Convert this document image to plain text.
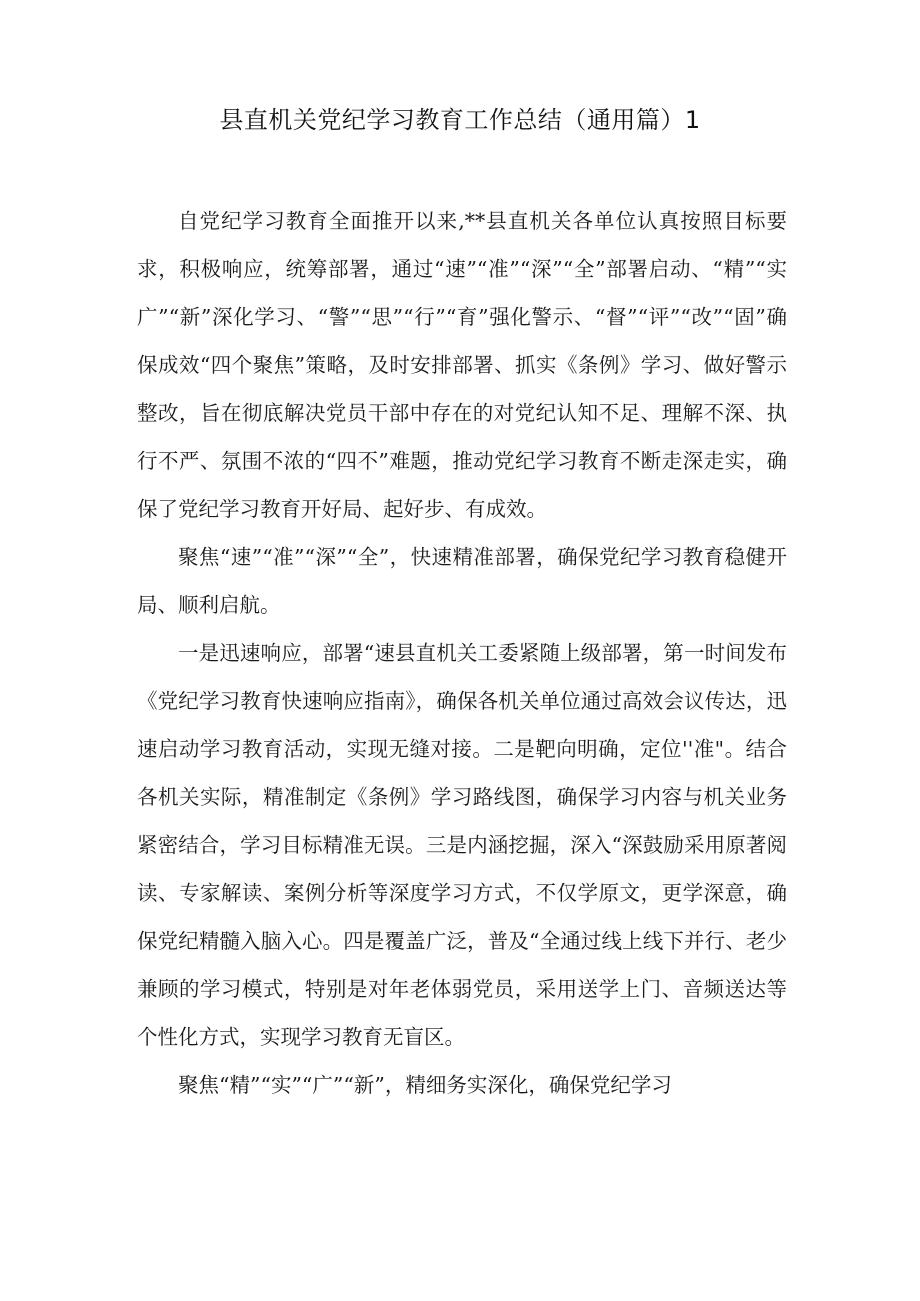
县直机关党纪学习教育工作总结（通用篇）1

自党纪学习教育全面推开以来,**县直机关各单位认真按照目标要求，积极响应，统筹部署，通过“速”“准”“深”“全”部署启动、“精”“实广”“新”深化学习、“警”“思”“行”“育”强化警示、“督”“评”“改”“固”确保成效“四个聚焦”策略，及时安排部署、抓实《条例》学习、做好警示整改，旨在彻底解决党员干部中存在的对党纪认知不足、理解不深、执行不严、氛围不浓的“四不”难题，推动党纪学习教育不断走深走实，确保了党纪学习教育开好局、起好步、有成效。

聚焦“速”“准”“深”“全”，快速精准部署，确保党纪学习教育稳健开局、顺利启航。

一是迅速响应，部署“速县直机关工委紧随上级部署，第一时间发布《党纪学习教育快速响应指南》，确保各机关单位通过高效会议传达，迅速启动学习教育活动，实现无缝对接。二是靶向明确，定位''准"。结合各机关实际，精准制定《条例》学习路线图，确保学习内容与机关业务紧密结合，学习目标精准无误。三是内涵挖掘，深入“深鼓励采用原著阅读、专家解读、案例分析等深度学习方式，不仅学原文，更学深意，确保党纪精髓入脑入心。四是覆盖广泛，普及“全通过线上线下并行、老少兼顾的学习模式，特别是对年老体弱党员，采用送学上门、音频送达等个性化方式，实现学习教育无盲区。

聚焦“精”“实”“广”“新”，精细务实深化，确保党纪学习
